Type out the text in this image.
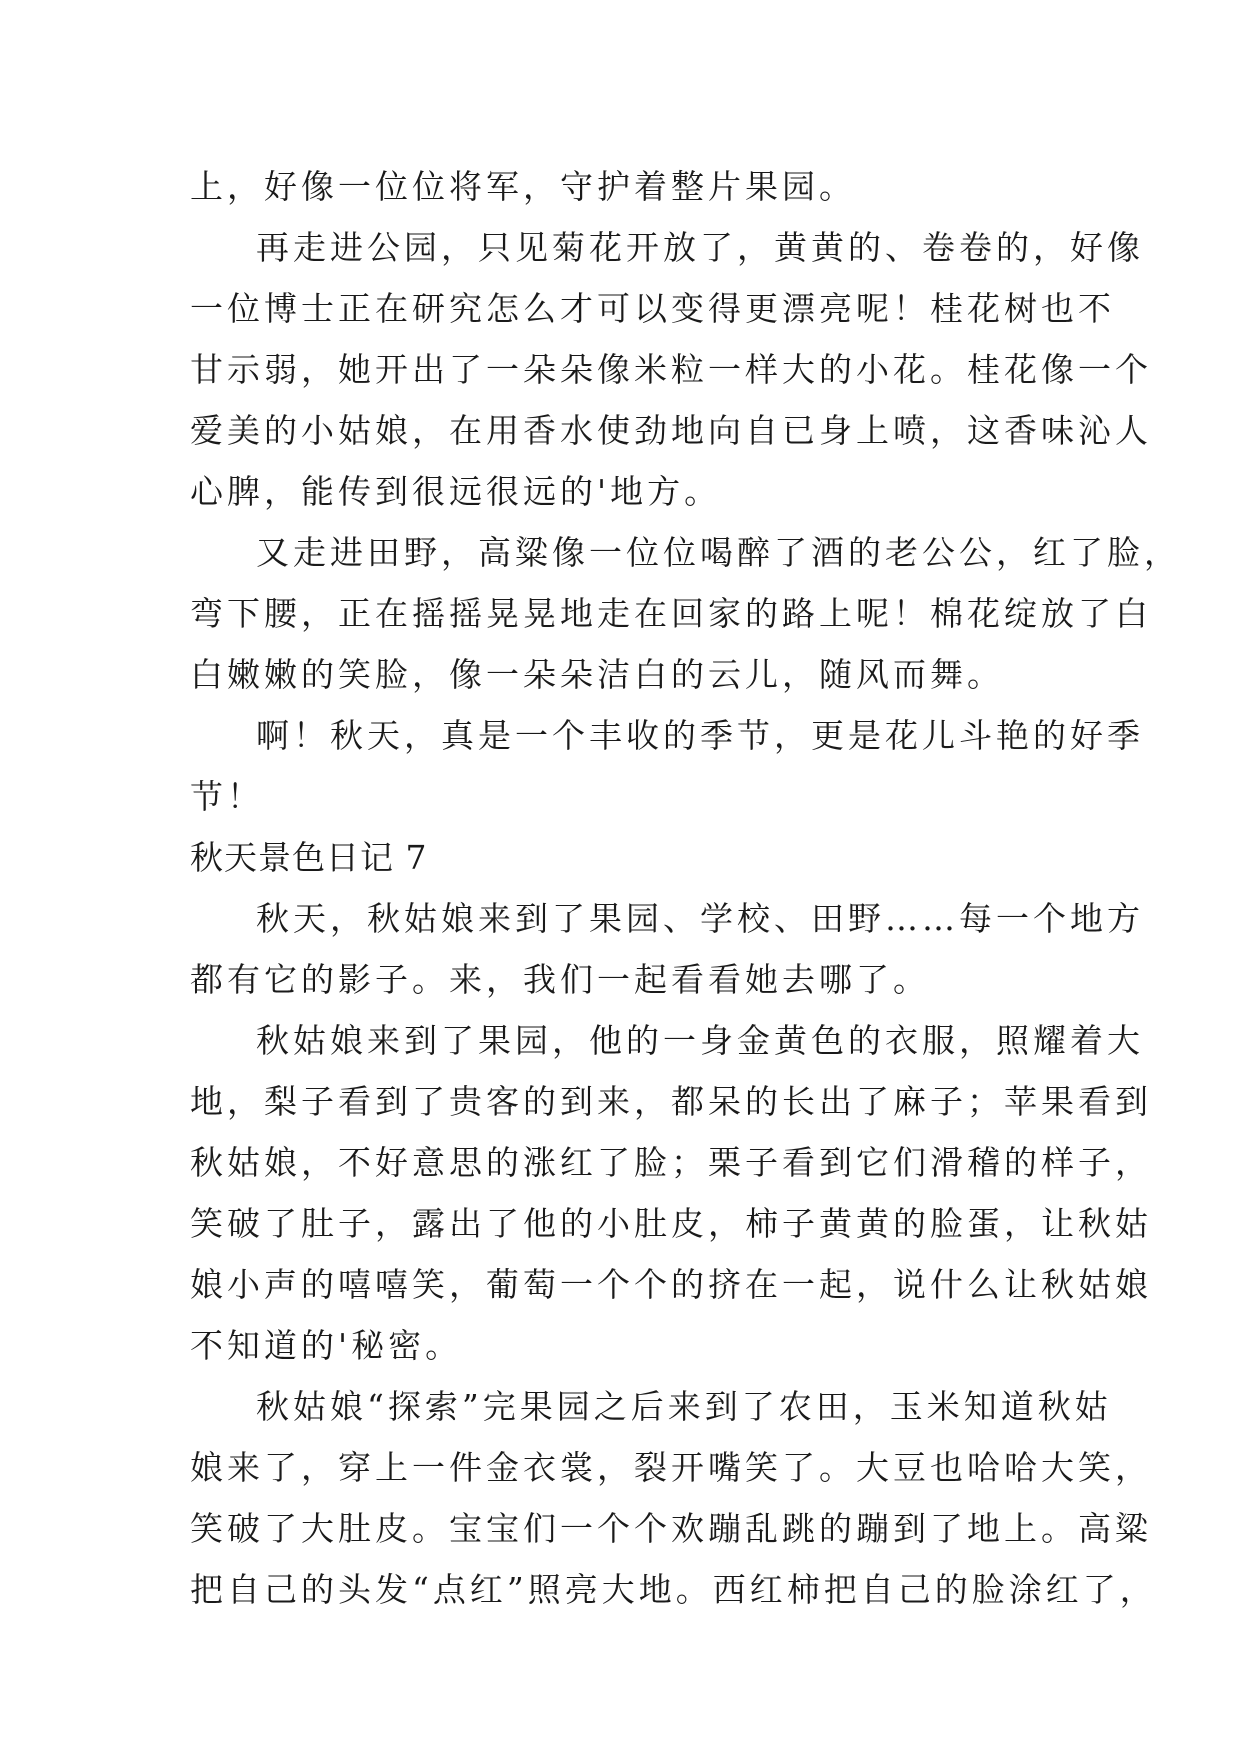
上，好像一位位将军，守护着整片果园。
再走进公园，只见菊花开放了，黄黄的、卷卷的，好像
一位博士正在研究怎么才可以变得更漂亮呢！桂花树也不
甘示弱，她开出了一朵朵像米粒一样大的小花。桂花像一个
爱美的小姑娘，在用香水使劲地向自已身上喷，这香味沁人
心脾，能传到很远很远的'地方。
又走进田野，高粱像一位位喝醉了酒的老公公，红了脸，
弯下腰，正在摇摇晃晃地走在回家的路上呢！棉花绽放了白
白嫩嫩的笑脸，像一朵朵洁白的云儿，随风而舞。
啊！秋天，真是一个丰收的季节，更是花儿斗艳的好季
节！
秋天景色日记 7
秋天，秋姑娘来到了果园、学校、田野……每一个地方
都有它的影子。来，我们一起看看她去哪了。
秋姑娘来到了果园，他的一身金黄色的衣服，照耀着大
地，梨子看到了贵客的到来，都呆的长出了麻子；苹果看到
秋姑娘，不好意思的涨红了脸；栗子看到它们滑稽的样子，
笑破了肚子，露出了他的小肚皮，柿子黄黄的脸蛋，让秋姑
娘小声的嘻嘻笑，葡萄一个个的挤在一起，说什么让秋姑娘
不知道的'秘密。
秋姑娘“探索”完果园之后来到了农田，玉米知道秋姑
娘来了，穿上一件金衣裳，裂开嘴笑了。大豆也哈哈大笑，
笑破了大肚皮。宝宝们一个个欢蹦乱跳的蹦到了地上。高粱
把自己的头发“点红”照亮大地。西红柿把自己的脸涂红了，
